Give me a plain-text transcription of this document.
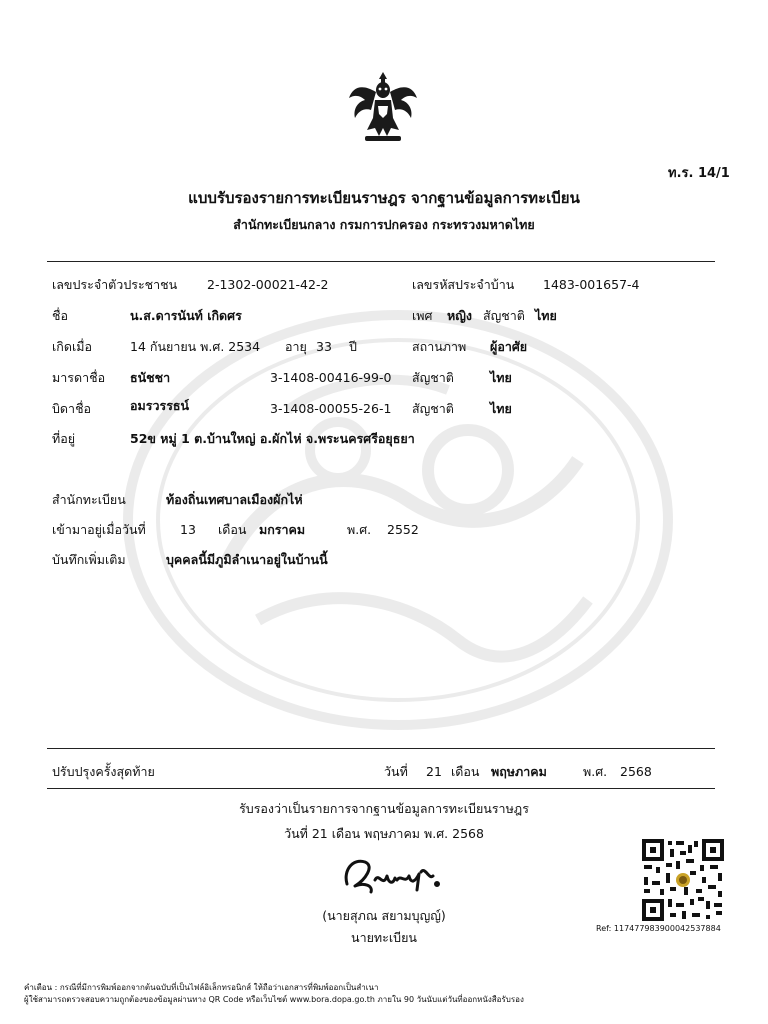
ท.ร. 14/1
แบบรับรองรายการทะเบียนราษฎร จากฐานข้อมูลการทะเบียน
สำนักทะเบียนกลาง กรมการปกครอง กระทรวงมหาดไทย
เลขประจำตัวประชาชน 2-1302-00021-42-2	เลขรหัสประจำบ้าน 1483-001657-4
ชื่อ	น.ส.ดารนันท์ เกิดศร	เพศ หญิง สัญชาติ ไทย
เกิดเมื่อ	14 กันยายน พ.ศ. 2534 อายุ 33 ปี	สถานภาพ ผู้อาศัย
มารดาชื่อ ธนัชชา	3-1408-00416-99-0 สัญชาติ	ไทย
บิดาชื่อ	อมรวรรธน์	3-1408-00055-26-1 สัญชาติ	ไทย
ที่อยู่	52ข หมู่ 1 ต.บ้านใหญ่ อ.ผักไห่ จ.พระนครศรีอยุธยา
สำนักทะเบียน	ท้องถิ่นเทศบาลเมืองผักไห่
เข้ามาอยู่เมื่อวันที่	13 เดือน มกราคม	พ.ศ. 2552
บันทึกเพิ่มเติม	บุคคลนี้มีภูมิลำเนาอยู่ในบ้านนี้
ปรับปรุงครั้งสุดท้าย	วันที่ 21 เดือน พฤษภาคม	พ.ศ. 2568
รับรองว่าเป็นรายการจากฐานข้อมูลการทะเบียนราษฎร
วันที่ 21 เดือน พฤษภาคม พ.ศ. 2568
(นายสุภณ สยามบุญญ์)
นายทะเบียน
Ref: 117477983900042537884
คำเตือน : กรณีที่มีการพิมพ์ออกจากต้นฉบับที่เป็นไฟล์อิเล็กทรอนิกส์ ให้ถือว่าเอกสารที่พิมพ์ออกเป็นสำเนา
ผู้ใช้สามารถตรวจสอบความถูกต้องของข้อมูลผ่านทาง QR Code หรือเว็บไซต์ www.bora.dopa.go.th ภายใน 90 วันนับแต่วันที่ออกหนังสือรับรอง
